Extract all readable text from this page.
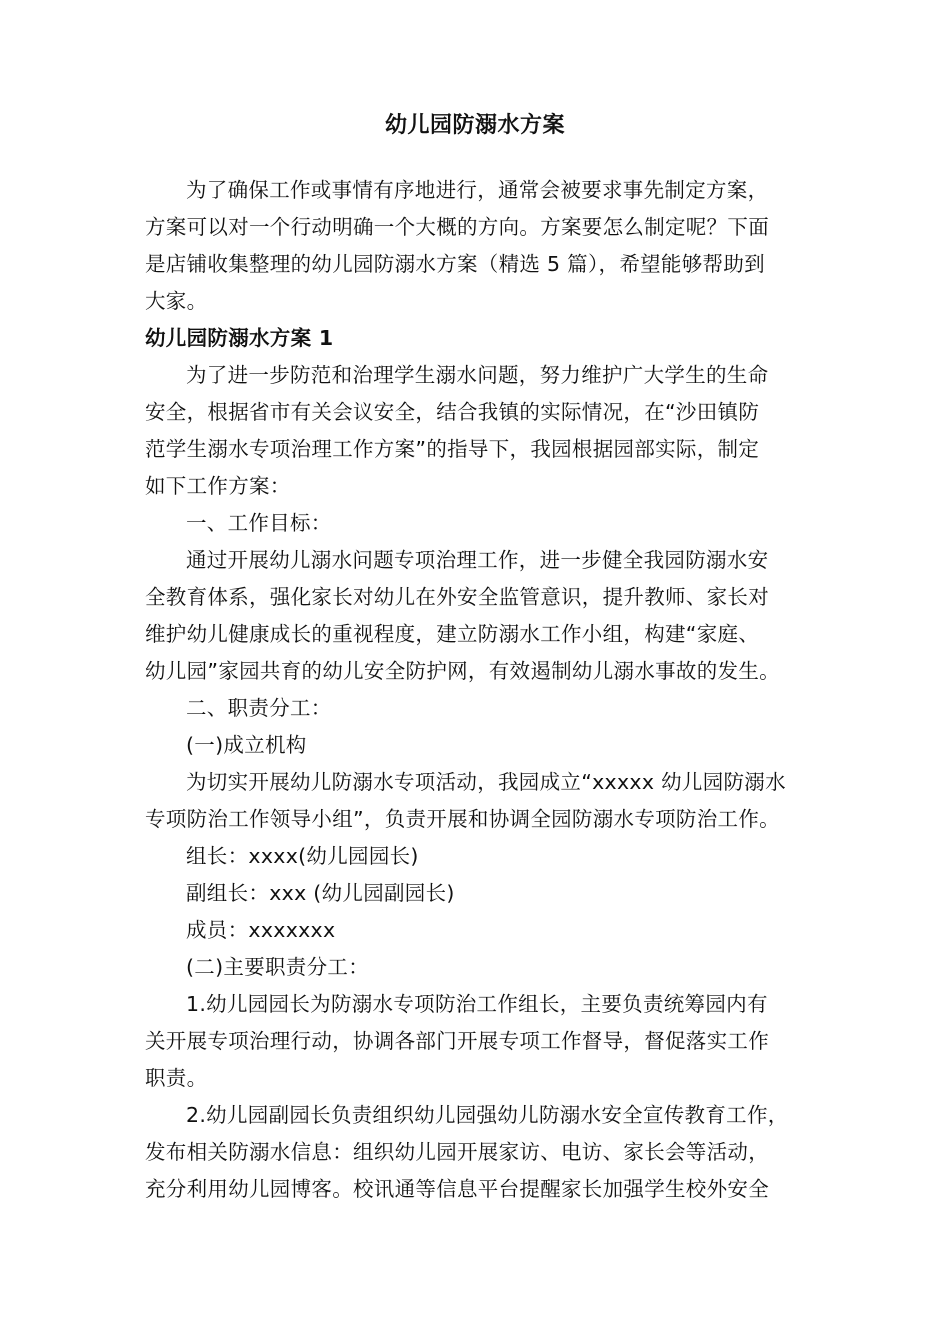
幼儿园防溺水方案
为了确保工作或事情有序地进行，通常会被要求事先制定方案，
方案可以对一个行动明确一个大概的方向。方案要怎么制定呢？下面
是店铺收集整理的幼儿园防溺水方案（精选 5 篇），希望能够帮助到
大家。
幼儿园防溺水方案 1
为了进一步防范和治理学生溺水问题，努力维护广大学生的生命
安全，根据省市有关会议安全，结合我镇的实际情况，在“沙田镇防
范学生溺水专项治理工作方案”的指导下，我园根据园部实际，制定
如下工作方案：
一、工作目标：
通过开展幼儿溺水问题专项治理工作，进一步健全我园防溺水安
全教育体系，强化家长对幼儿在外安全监管意识，提升教师、家长对
维护幼儿健康成长的重视程度，建立防溺水工作小组，构建“家庭、
幼儿园”家园共育的幼儿安全防护网，有效遏制幼儿溺水事故的发生。
二、职责分工：
(一)成立机构
为切实开展幼儿防溺水专项活动，我园成立“xxxxx 幼儿园防溺水
专项防治工作领导小组”，负责开展和协调全园防溺水专项防治工作。
组长：xxxx(幼儿园园长)
副组长：xxx (幼儿园副园长)
成员：xxxxxxx
(二)主要职责分工：
1.幼儿园园长为防溺水专项防治工作组长，主要负责统筹园内有
关开展专项治理行动，协调各部门开展专项工作督导，督促落实工作
职责。
2.幼儿园副园长负责组织幼儿园强幼儿防溺水安全宣传教育工作，
发布相关防溺水信息：组织幼儿园开展家访、电访、家长会等活动，
充分利用幼儿园博客。校讯通等信息平台提醒家长加强学生校外安全
